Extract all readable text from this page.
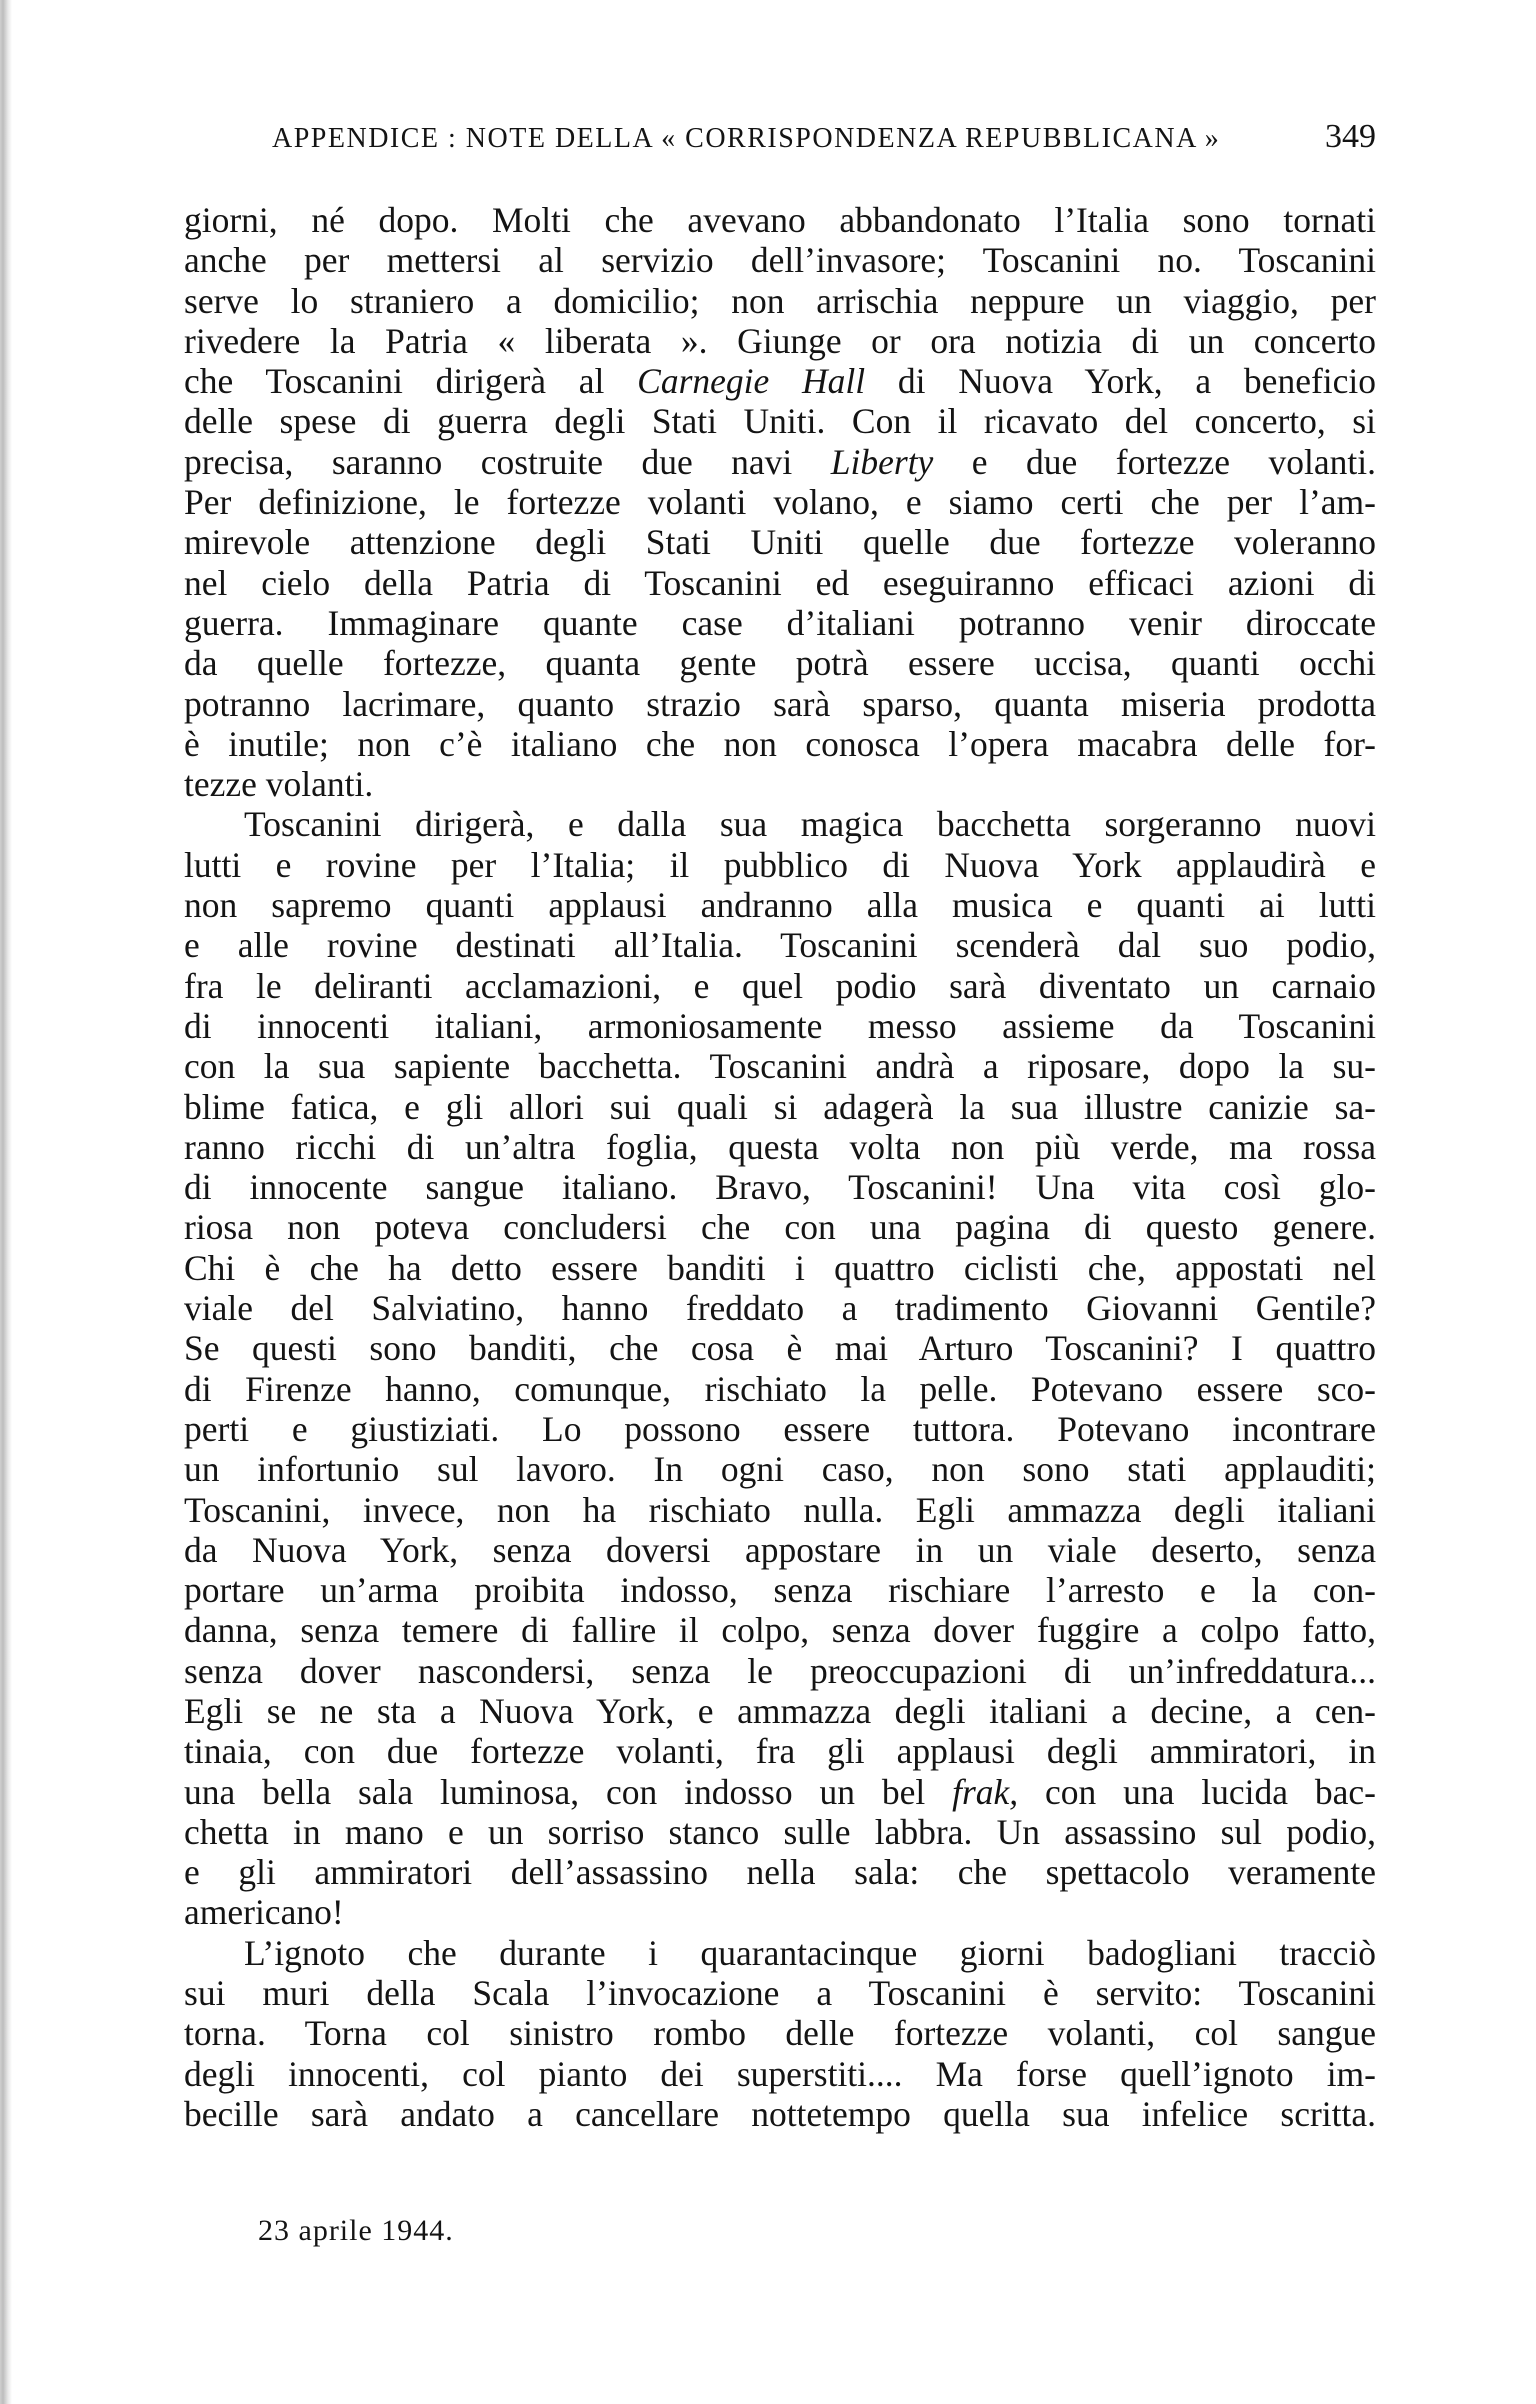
APPENDICE : NOTE DELLA « CORRISPONDENZA REPUBBLICANA »	349

giorni, né dopo. Molti che avevano abbandonato l’Italia sono tornati
anche per mettersi al servizio dell’invasore; Toscanini no. Toscanini
serve lo straniero a domicilio; non arrischia neppure un viaggio, per
rivedere la Patria « liberata ». Giunge or ora notizia di un concerto
che Toscanini dirigerà al Carnegie Hall di Nuova York, a beneficio
delle spese di guerra degli Stati Uniti. Con il ricavato del concerto, si
precisa, saranno costruite due navi Liberty e due fortezze volanti.
Per definizione, le fortezze volanti volano, e siamo certi che per l’am-
mirevole attenzione degli Stati Uniti quelle due fortezze voleranno
nel cielo della Patria di Toscanini ed eseguiranno efficaci azioni di
guerra. Immaginare quante case d’italiani potranno venir diroccate
da quelle fortezze, quanta gente potrà essere uccisa, quanti occhi
potranno lacrimare, quanto strazio sarà sparso, quanta miseria prodotta
è inutile; non c’è italiano che non conosca l’opera macabra delle for-
tezze volanti.

Toscanini dirigerà, e dalla sua magica bacchetta sorgeranno nuovi
lutti e rovine per l’Italia; il pubblico di Nuova York applaudirà e
non sapremo quanti applausi andranno alla musica e quanti ai lutti
e alle rovine destinati all’Italia. Toscanini scenderà dal suo podio,
fra le deliranti acclamazioni, e quel podio sarà diventato un carnaio
di innocenti italiani, armoniosamente messo assieme da Toscanini
con la sua sapiente bacchetta. Toscanini andrà a riposare, dopo la su-
blime fatica, e gli allori sui quali si adagerà la sua illustre canizie sa-
ranno ricchi di un’altra foglia, questa volta non più verde, ma rossa
di innocente sangue italiano. Bravo, Toscanini! Una vita così glo-
riosa non poteva concludersi che con una pagina di questo genere.
Chi è che ha detto essere banditi i quattro ciclisti che, appostati nel
viale del Salviatino, hanno freddato a tradimento Giovanni Gentile?
Se questi sono banditi, che cosa è mai Arturo Toscanini? I quattro
di Firenze hanno, comunque, rischiato la pelle. Potevano essere sco-
perti e giustiziati. Lo possono essere tuttora. Potevano incontrare
un infortunio sul lavoro. In ogni caso, non sono stati applauditi;
Toscanini, invece, non ha rischiato nulla. Egli ammazza degli italiani
da Nuova York, senza doversi appostare in un viale deserto, senza
portare un’arma proibita indosso, senza rischiare l’arresto e la con-
danna, senza temere di fallire il colpo, senza dover fuggire a colpo fatto,
senza dover nascondersi, senza le preoccupazioni di un’infreddatura...
Egli se ne sta a Nuova York, e ammazza degli italiani a decine, a cen-
tinaia, con due fortezze volanti, fra gli applausi degli ammiratori, in
una bella sala luminosa, con indosso un bel frak, con una lucida bac-
chetta in mano e un sorriso stanco sulle labbra. Un assassino sul podio,
e gli ammiratori dell’assassino nella sala: che spettacolo veramente
americano!

L’ignoto che durante i quarantacinque giorni badogliani tracciò
sui muri della Scala l’invocazione a Toscanini è servito: Toscanini
torna. Torna col sinistro rombo delle fortezze volanti, col sangue
degli innocenti, col pianto dei superstiti.... Ma forse quell’ignoto im-
becille sarà andato a cancellare nottetempo quella sua infelice scritta.

23 aprile 1944.
